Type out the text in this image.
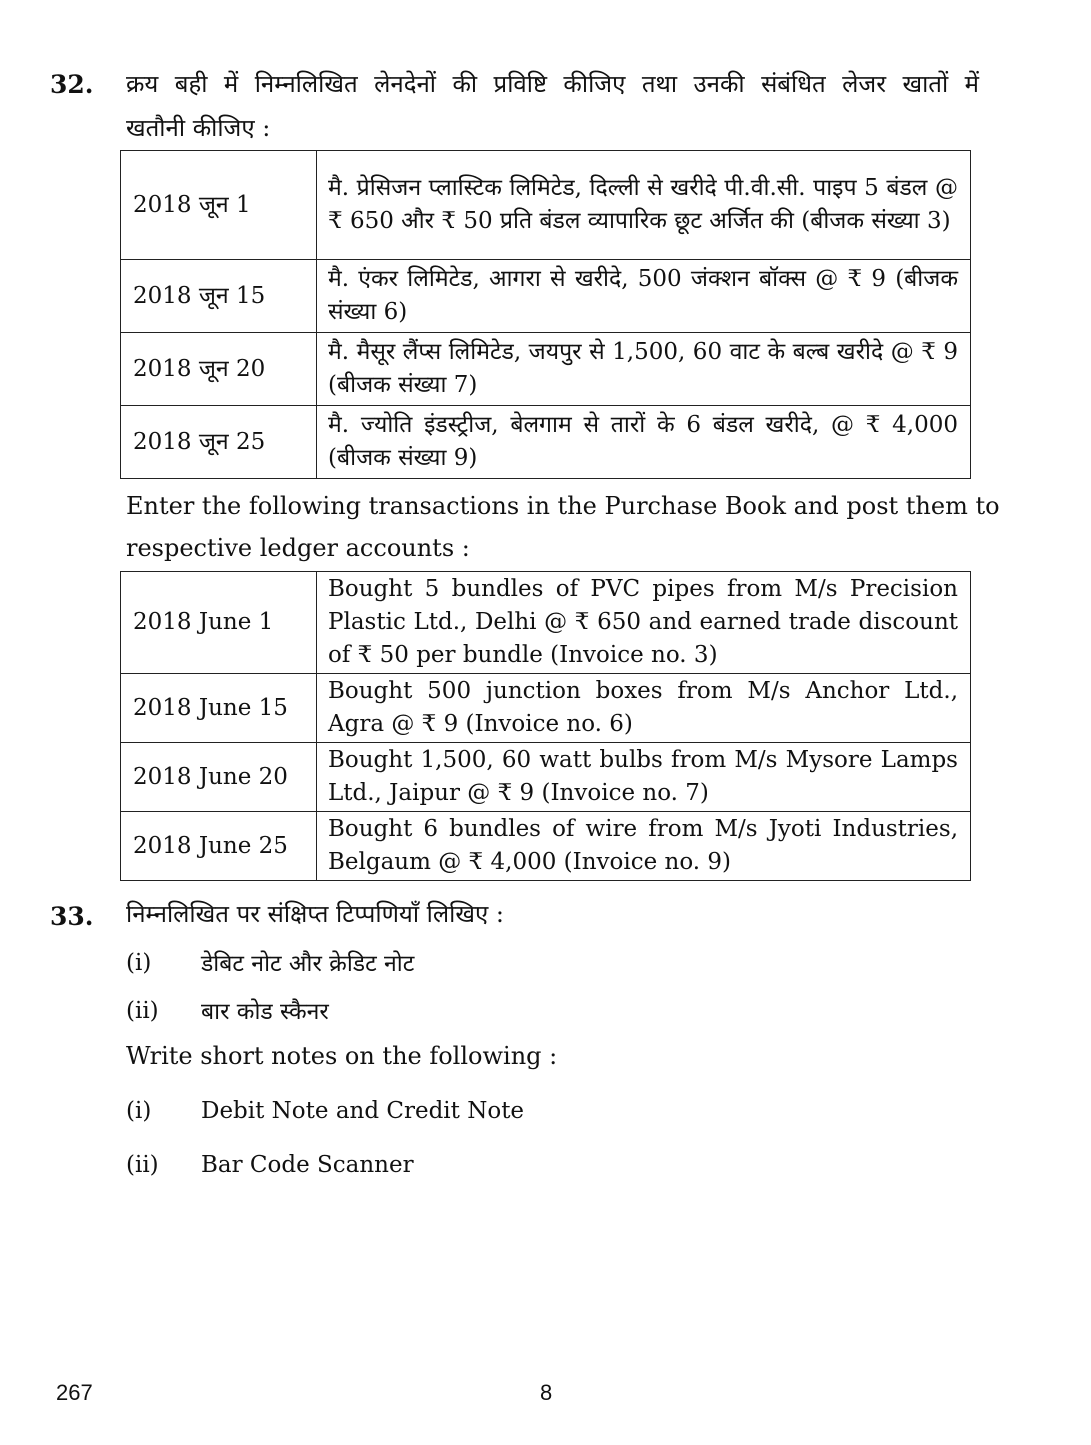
32. क्रय बही में निम्नलिखित लेनदेनों की प्रविष्टि कीजिए तथा उनकी संबंधित लेजर खातों में
खतौनी कीजिए :
2018 जून 1	मै. प्रेसिजन प्लास्टिक लिमिटेड, दिल्ली से खरीदे पी.वी.सी. पाइप 5 बंडल @ ₹ 650 और ₹ 50 प्रति बंडल व्यापारिक छूट अर्जित की (बीजक संख्या 3)
2018 जून 15	मै. एंकर लिमिटेड, आगरा से खरीदे, 500 जंक्शन बॉक्स @ ₹ 9 (बीजक संख्या 6)
2018 जून 20	मै. मैसूर लैंप्स लिमिटेड, जयपुर से 1,500, 60 वाट के बल्ब खरीदे @ ₹ 9 (बीजक संख्या 7)
2018 जून 25	मै. ज्योति इंडस्ट्रीज, बेलगाम से तारों के 6 बंडल खरीदे, @ ₹ 4,000 (बीजक संख्या 9)
Enter the following transactions in the Purchase Book and post them to
respective ledger accounts :
2018 June 1	Bought 5 bundles of PVC pipes from M/s Precision Plastic Ltd., Delhi @ ₹ 650 and earned trade discount of ₹ 50 per bundle (Invoice no. 3)
2018 June 15	Bought 500 junction boxes from M/s Anchor Ltd., Agra @ ₹ 9 (Invoice no. 6)
2018 June 20	Bought 1,500, 60 watt bulbs from M/s Mysore Lamps Ltd., Jaipur @ ₹ 9 (Invoice no. 7)
2018 June 25	Bought 6 bundles of wire from M/s Jyoti Industries, Belgaum @ ₹ 4,000 (Invoice no. 9)
33. निम्नलिखित पर संक्षिप्त टिप्पणियाँ लिखिए :
(i) डेबिट नोट और क्रेडिट नोट
(ii) बार कोड स्कैनर
Write short notes on the following :
(i) Debit Note and Credit Note
(ii) Bar Code Scanner
267	8
